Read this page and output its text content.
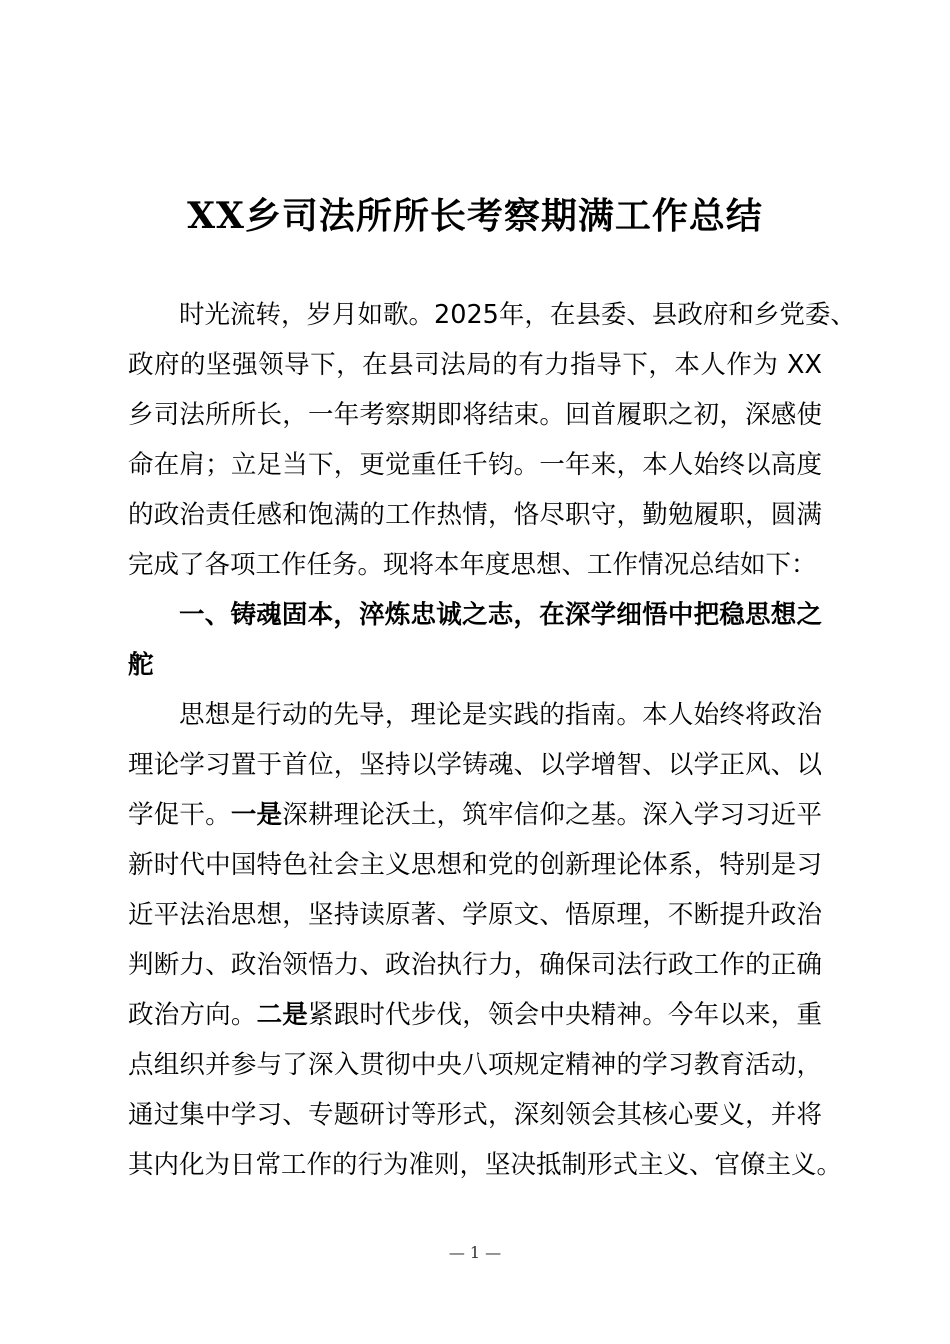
XX乡司法所所长考察期满工作总结
时光流转，岁月如歌。2025年，在县委、县政府和乡党委、
政府的坚强领导下，在县司法局的有力指导下，本人作为 XX
乡司法所所长，一年考察期即将结束。回首履职之初，深感使
命在肩；立足当下，更觉重任千钧。一年来，本人始终以高度
的政治责任感和饱满的工作热情，恪尽职守，勤勉履职，圆满
完成了各项工作任务。现将本年度思想、工作情况总结如下：
一、铸魂固本，淬炼忠诚之志，在深学细悟中把稳思想之
舵
思想是行动的先导，理论是实践的指南。本人始终将政治
理论学习置于首位，坚持以学铸魂、以学增智、以学正风、以
学促干。一是深耕理论沃土，筑牢信仰之基。深入学习习近平
新时代中国特色社会主义思想和党的创新理论体系，特别是习
近平法治思想，坚持读原著、学原文、悟原理，不断提升政治
判断力、政治领悟力、政治执行力，确保司法行政工作的正确
政治方向。二是紧跟时代步伐，领会中央精神。今年以来，重
点组织并参与了深入贯彻中央八项规定精神的学习教育活动，
通过集中学习、专题研讨等形式，深刻领会其核心要义，并将
其内化为日常工作的行为准则，坚决抵制形式主义、官僚主义。
— 1 —
